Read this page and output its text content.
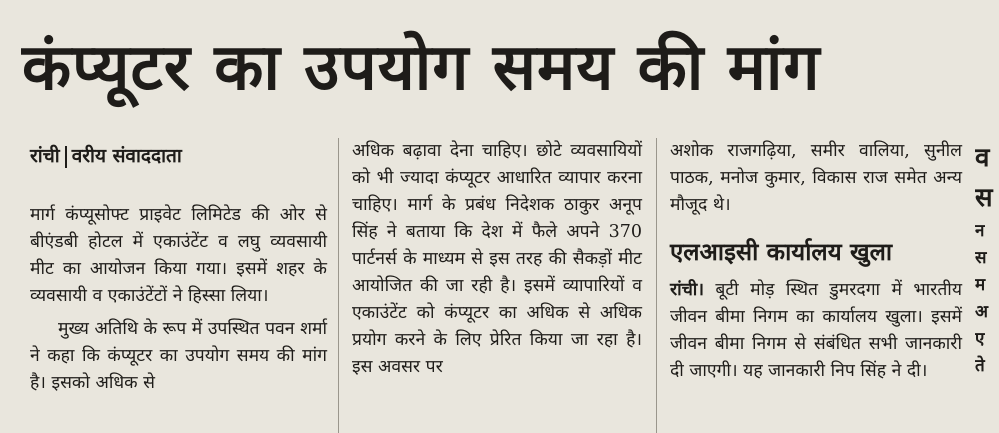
कंप्यूटर का उपयोग समय की मांग
रांची वरीय संवाददाता

मार्ग कंप्यूसोफ्ट प्राइवेट लिमिटेड की ओर से बीएंडबी होटल में एकाउंटेंट व लघु व्यवसायी मीट का आयोजन किया गया। इसमें शहर के व्यवसायी व एकाउंटेंटों ने हिस्सा लिया।

मुख्य अतिथि के रूप में उपस्थित पवन शर्मा ने कहा कि कंप्यूटर का उपयोग समय की मांग है। इसको अधिक से

अधिक बढ़ावा देना चाहिए। छोटे व्यवसायियों को भी ज्यादा कंप्यूटर आधारित व्यापार करना चाहिए। मार्ग के प्रबंध निदेशक ठाकुर अनूप सिंह ने बताया कि देश में फैले अपने 370 पार्टनर्स के माध्यम से इस तरह की सैकड़ों मीट आयोजित की जा रही है। इसमें व्यापारियों व एकाउंटेंट को कंप्यूटर का अधिक से अधिक प्रयोग करने के लिए प्रेरित किया जा रहा है। इस अवसर पर

अशोक राजगढ़िया, समीर वालिया, सुनील पाठक, मनोज कुमार, विकास राज समेत अन्य मौजूद थे।

एलआइसी कार्यालय खुला

रांची। बूटी मोड़ स्थित डुमरदगा में भारतीय जीवन बीमा निगम का कार्यालय खुला। इसमें जीवन बीमा निगम से संबंधित सभी जानकारी दी जाएगी। यह जानकारी निप सिंह ने दी।

व
स
न
स
म
अ
ए
ते
